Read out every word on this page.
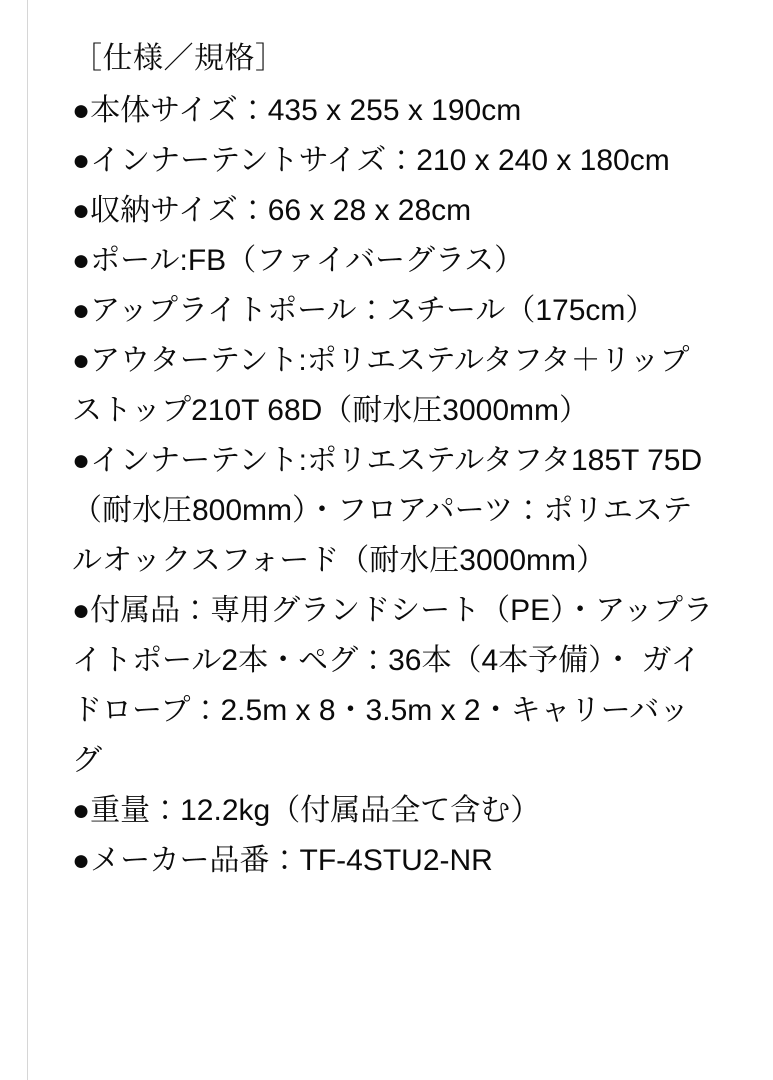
［仕様／規格］
●本体サイズ：435 x 255 x 190cm
●インナーテントサイズ：210 x 240 x 180cm
●収納サイズ：66 x 28 x 28cm
●ポール:FB（ファイバーグラス）
●アップライトポール：スチール（175cm）
●アウターテント:ポリエステルタフタ＋リップストップ210T 68D（耐水圧3000mm）
●インナーテント:ポリエステルタフタ185T 75D（耐水圧800mm）・フロアパーツ：ポリエステルオックスフォード（耐水圧3000mm）
●付属品：専用グランドシート（PE）・アップライトポール2本・ペグ：36本（4本予備）・ ガイドロープ：2.5m x 8・3.5m x 2・キャリーバッグ
●重量：12.2kg（付属品全て含む）
●メーカー品番：TF-4STU2-NR
